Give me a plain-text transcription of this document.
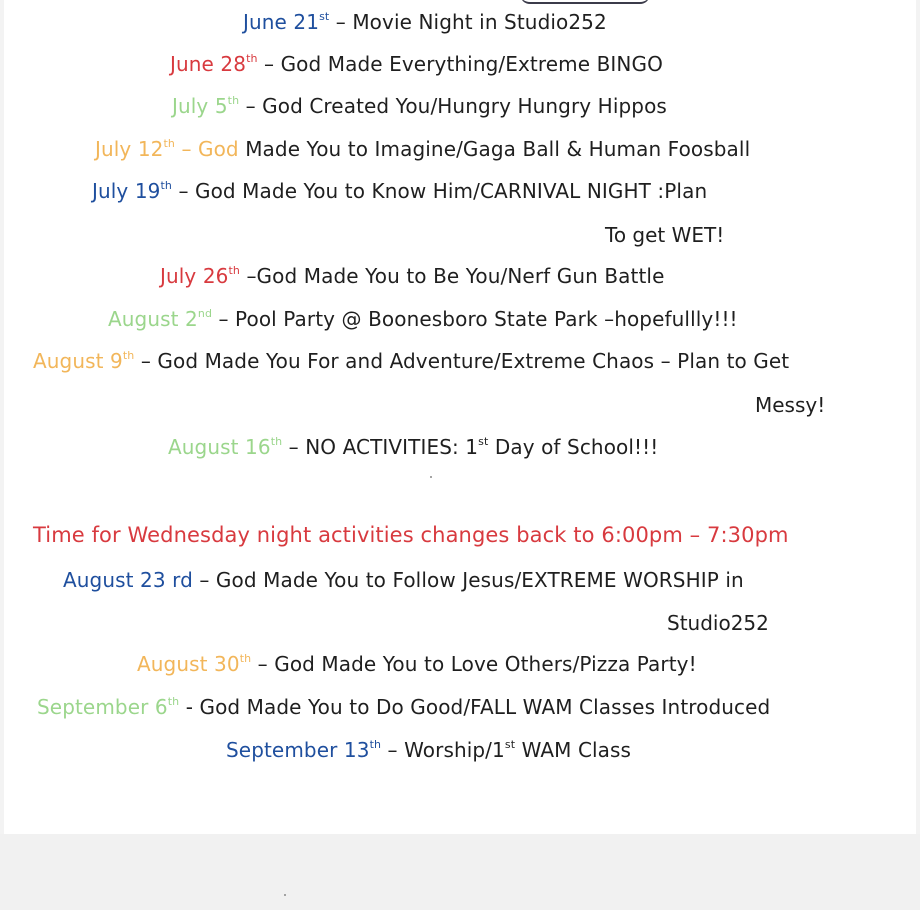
June 21st – Movie Night in Studio252
June 28th – God Made Everything/Extreme BINGO
July 5th – God Created You/Hungry Hungry Hippos
July 12th – God Made You to Imagine/Gaga Ball & Human Foosball
July 19th – God Made You to Know Him/CARNIVAL NIGHT :Plan
To get WET!
July 26th –God Made You to Be You/Nerf Gun Battle
August 2nd – Pool Party @ Boonesboro State Park –hopefullly!!!
August 9th – God Made You For and Adventure/Extreme Chaos – Plan to Get
Messy!
August 16th – NO ACTIVITIES: 1st Day of School!!!
Time for Wednesday night activities changes back to 6:00pm – 7:30pm
August 23 rd – God Made You to Follow Jesus/EXTREME WORSHIP in
Studio252
August 30th – God Made You to Love Others/Pizza Party!
September 6th - God Made You to Do Good/FALL WAM Classes Introduced
September 13th – Worship/1st WAM Class
